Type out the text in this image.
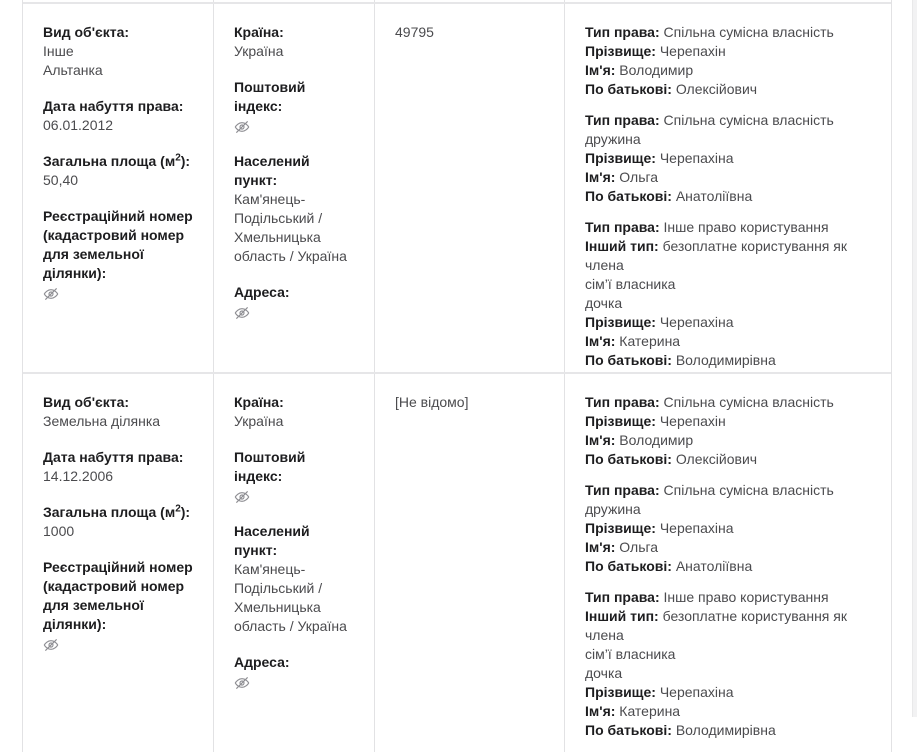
Вид об'єкта:
Інше
Альтанка
Дата набуття права:
06.01.2012
Загальна площа $(м^2)$:
50,40
Реєстраційний номер
(кадастровий номер
для земельної
ділянки):
Країна:
Україна
Поштовий індекс:
Населений пункт:
Кам'янець-
Подільський /
Хмельницька
область / Україна
Адреса:
49795	Тип права: Спільна сумісна власність
Прізвище: Черепахін
Ім'я: Володимир
По батькові: Олексійович
Тип права: Спільна сумісна власність
дружина
Прізвище: Черепахіна
Ім'я: Ольга
По батькові: Анатоліївна
Тип права: Інше право користування
Інший тип: безоплатне користування як члена
сім’ї власника
дочка
Прізвище: Черепахіна
Ім'я: Катерина
По батькові: Володимирівна
Вид об'єкта:
Земельна ділянка
Дата набуття права:
14.12.2006
Загальна площа $(м^2)$:
1000
Реєстраційний номер
(кадастровий номер
для земельної
ділянки):
Країна:
Україна
Поштовий індекс:
Населений пункт:
Кам'янець-
Подільський /
Хмельницька
область / Україна
Адреса:
[Не відомо]	Тип права: Спільна сумісна власність
Прізвище: Черепахін
Ім'я: Володимир
По батькові: Олексійович
Тип права: Спільна сумісна власність
дружина
Прізвище: Черепахіна
Ім'я: Ольга
По батькові: Анатоліївна
Тип права: Інше право користування
Інший тип: безоплатне користування як члена
сім’ї власника
дочка
Прізвище: Черепахіна
Ім'я: Катерина
По батькові: Володимирівна
